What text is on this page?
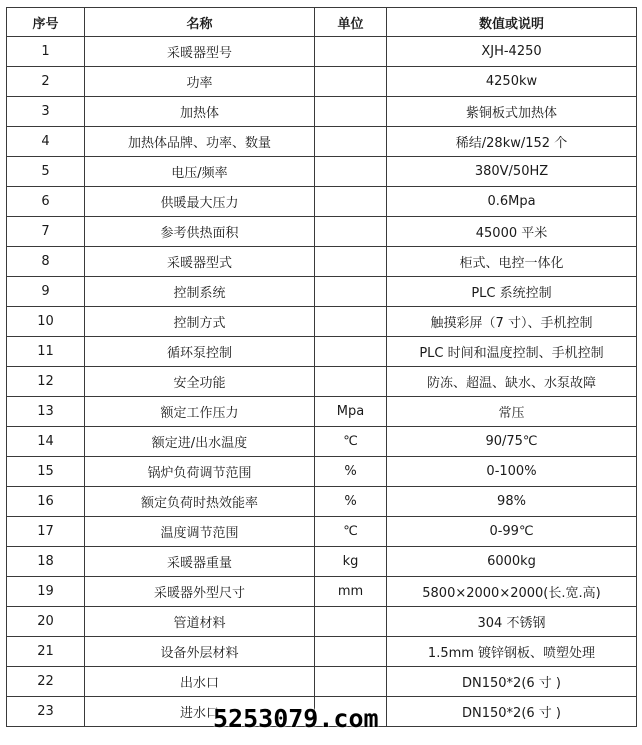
序号	名称	单位	数值或说明
1	采暖器型号		XJH-4250
2	功率		4250kw
3	加热体		紫铜板式加热体
4	加热体品牌、功率、数量		稀结/28kw/152 个
5	电压/频率		380V/50HZ
6	供暖最大压力		0.6Mpa
7	参考供热面积		45000 平米
8	采暖器型式		柜式、电控一体化
9	控制系统		PLC 系统控制
10	控制方式		触摸彩屏（7 寸）、手机控制
11	循环泵控制		PLC 时间和温度控制、手机控制
12	安全功能		防冻、超温、缺水、水泵故障
13	额定工作压力	Mpa	常压
14	额定进/出水温度	℃	90/75℃
15	锅炉负荷调节范围	%	0-100%
16	额定负荷时热效能率	%	98%
17	温度调节范围	℃	0-99℃
18	采暖器重量	kg	6000kg
19	采暖器外型尺寸	mm	5800×2000×2000(长.宽.高)
20	管道材料		304 不锈钢
21	设备外层材料		1.5mm 镀锌钢板、喷塑处理
22	出水口		DN150*2(6 寸 )
23	进水口		DN150*2(6 寸 )
5253079.com
